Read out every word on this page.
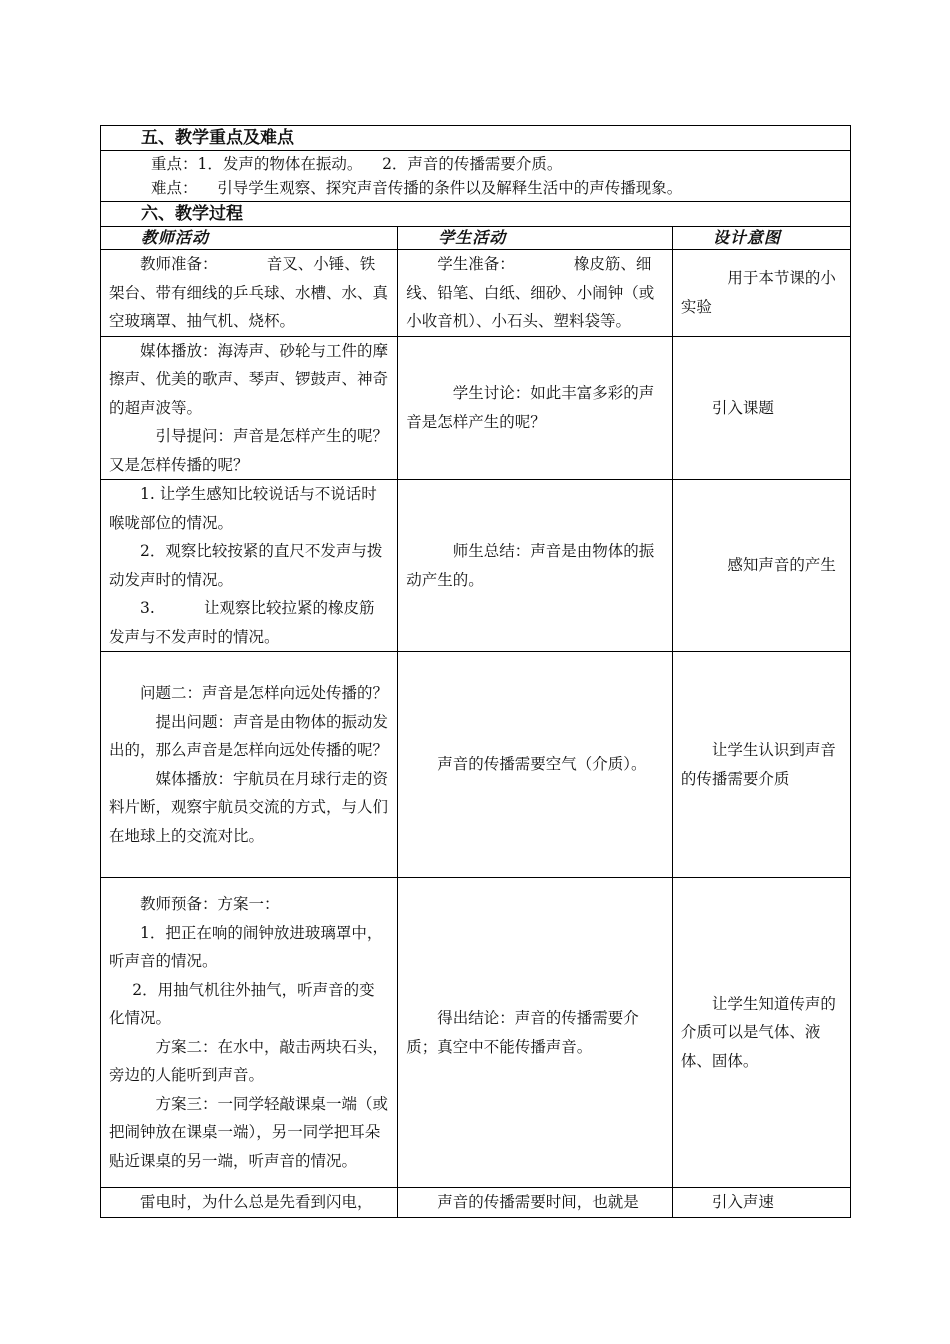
五、教学重点及难点		

重点：1．发声的物体在振动。    2．声音的传播需要介质。

难点：    引导学生观察、探究声音传播的条件以及解释生活中的声传播现象。		

六、教学过程		
教师活动	学生活动	设计意图

教师准备：          音叉、小锤、铁架台、带有细线的乒乓球、水槽、水、真空玻璃罩、抽气机、烧杯。	学生准备：            橡皮筋、细线、铅笔、白纸、细砂、小闹钟（或小收音机）、小石头、塑料袋等。	用于本节课的小实验

媒体播放：海涛声、砂轮与工件的摩擦声、优美的歌声、琴声、锣鼓声、神奇的超声波等。

引导提问：声音是怎样产生的呢？又是怎样传播的呢？	学生讨论：如此丰富多彩的声音是怎样产生的呢？	引入课题

1. 让学生感知比较说话与不说话时喉咙部位的情况。

2．观察比较按紧的直尺不发声与拨动发声时的情况。

3.          让观察比较拉紧的橡皮筋发声与不发声时的情况。	师生总结：声音是由物体的振动产生的。	感知声音的产生

问题二：声音是怎样向远处传播的？

提出问题：声音是由物体的振动发出的，那么声音是怎样向远处传播的呢？

媒体播放：宇航员在月球行走的资料片断，观察宇航员交流的方式，与人们在地球上的交流对比。	声音的传播需要空气（介质）。	让学生认识到声音的传播需要介质

教师预备：方案一：

1．把正在响的闹钟放进玻璃罩中，听声音的情况。

2．用抽气机往外抽气，听声音的变化情况。

方案二：在水中，敲击两块石头，旁边的人能听到声音。

方案三：一同学轻敲课桌一端（或把闹钟放在课桌一端），另一同学把耳朵贴近课桌的另一端，听声音的情况。	得出结论：声音的传播需要介质；真空中不能传播声音。	让学生知道传声的介质可以是气体、液体、固体。

雷电时，为什么总是先看到闪电，	声音的传播需要时间，也就是	引入声速
